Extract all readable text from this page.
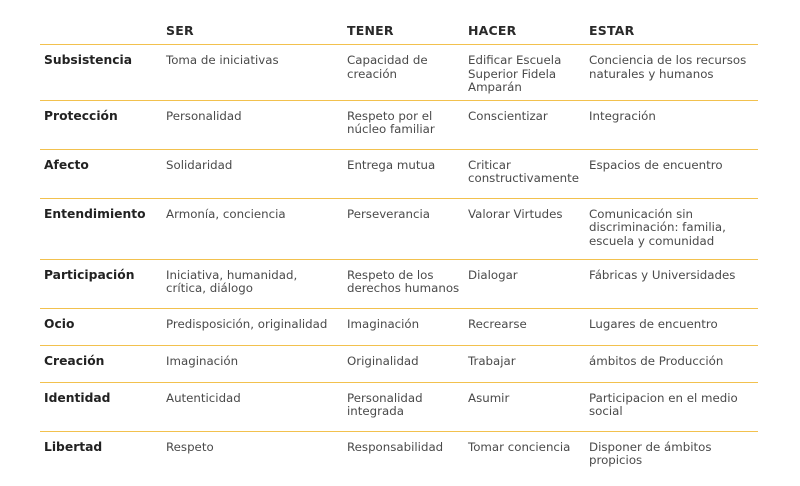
	SER	TENER	HACER	ESTAR
Subsistencia	Toma de iniciativas	Capacidad de creación	Edificar Escuela Superior Fidela Amparán	Conciencia de los recursos naturales y humanos
Protección	Personalidad	Respeto por el núcleo familiar	Conscientizar	Integración
Afecto	Solidaridad	Entrega mutua	Criticar constructivamente	Espacios de encuentro
Entendimiento	Armonía, conciencia	Perseverancia	Valorar Virtudes	Comunicación sin discriminación: familia, escuela y comunidad
Participación	Iniciativa, humanidad, crítica, diálogo	Respeto de los derechos humanos	Dialogar	Fábricas y Universidades
Ocio	Predisposición, originalidad	Imaginación	Recrearse	Lugares de encuentro
Creación	Imaginación	Originalidad	Trabajar	ámbitos de Producción
Identidad	Autenticidad	Personalidad integrada	Asumir	Participacion en el medio social
Libertad	Respeto	Responsabilidad	Tomar conciencia	Disponer de ámbitos propicios
